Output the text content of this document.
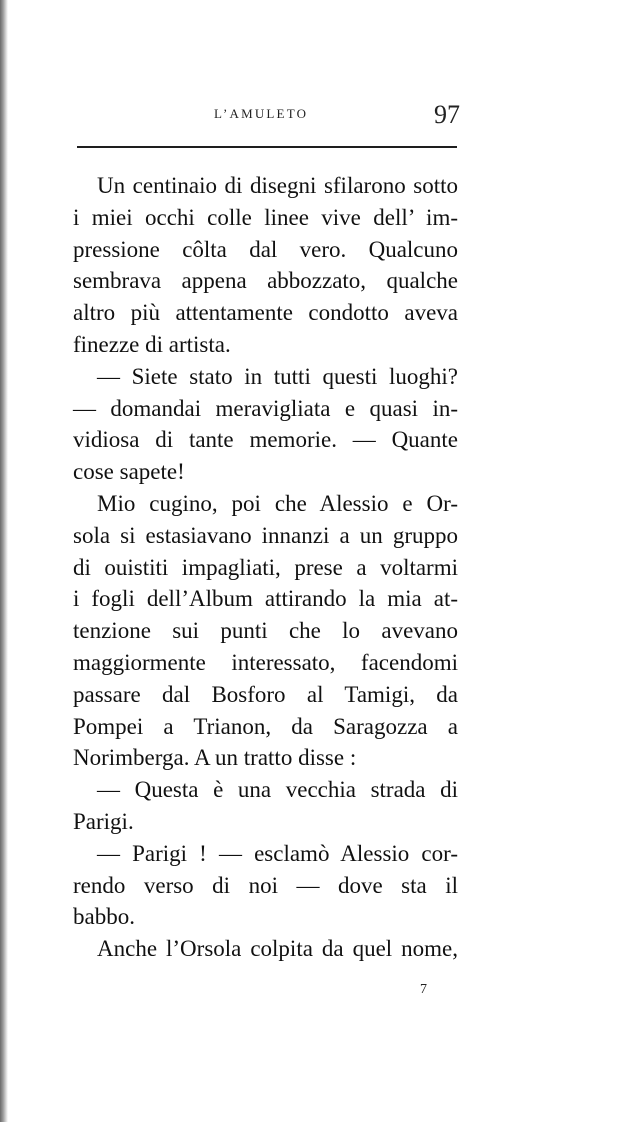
L’AMULETO	97
Un centinaio di disegni sfilarono sotto
i miei occhi colle linee vive dell’ im-
pressione côlta dal vero. Qualcuno
sembrava appena abbozzato, qualche
altro più attentamente condotto aveva
finezze di artista.
— Siete stato in tutti questi luoghi?
— domandai meravigliata e quasi in-
vidiosa di tante memorie. — Quante
cose sapete!
Mio cugino, poi che Alessio e Or-
sola si estasiavano innanzi a un gruppo
di ouistiti impagliati, prese a voltarmi
i fogli dell’Album attirando la mia at-
tenzione sui punti che lo avevano
maggiormente interessato, facendomi
passare dal Bosforo al Tamigi, da
Pompei a Trianon, da Saragozza a
Norimberga. A un tratto disse :
— Questa è una vecchia strada di
Parigi.
— Parigi ! — esclamò Alessio cor-
rendo verso di noi — dove sta il
babbo.
Anche l’Orsola colpita da quel nome,
7
